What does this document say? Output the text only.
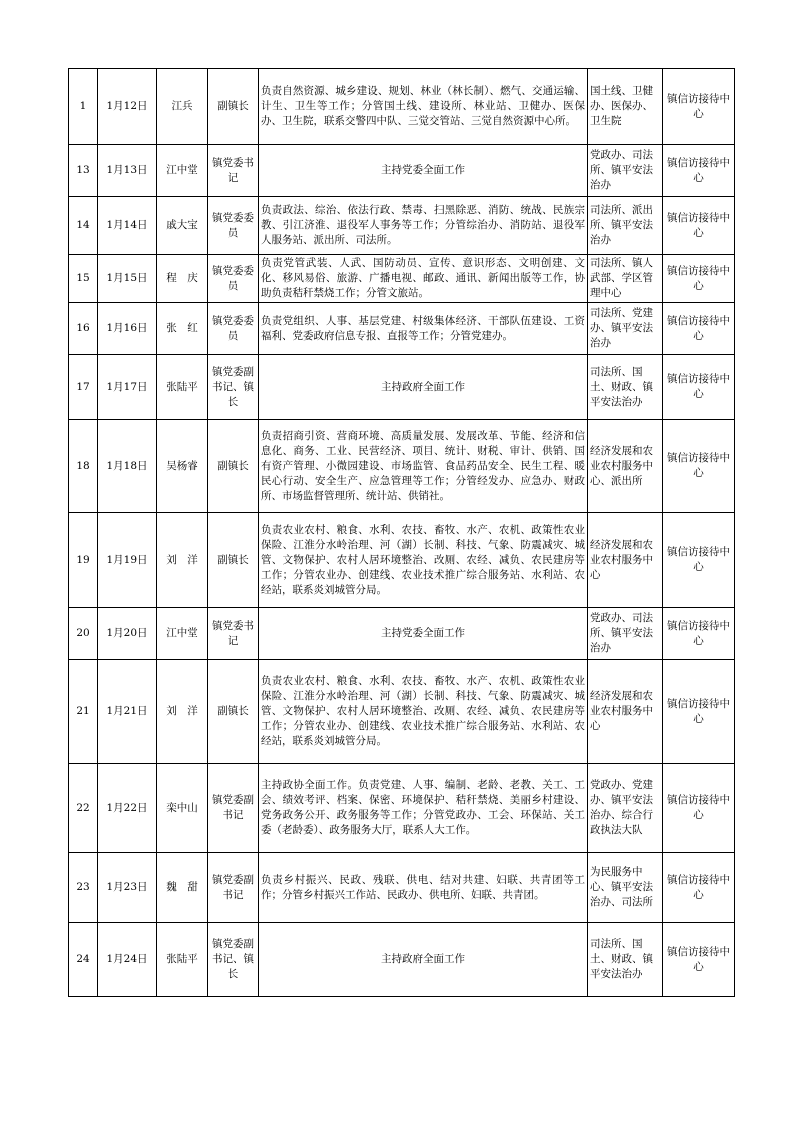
1	1月12日	江兵	副镇长	负责自然资源、城乡建设、规划、林业（林长制）、燃气、交通运输、计生、卫生等工作；分管国土线、建设所、林业站、卫健办、医保办、卫生院，联系交警四中队、三觉交管站、三觉自然资源中心所。	国土线、卫健办、医保办、卫生院	镇信访接待中心
13	1月13日	江中堂	镇党委书记	主持党委全面工作	党政办、司法所、镇平安法治办	镇信访接待中心
14	1月14日	戚大宝	镇党委委员	负责政法、综治、依法行政、禁毒、扫黑除恶、消防、统战、民族宗教、引江济淮、退役军人事务等工作；分管综治办、消防站、退役军人服务站、派出所、司法所。	司法所、派出所、镇平安法治办	镇信访接待中心
15	1月15日	程　庆	镇党委委员	负责党管武装、人武、国防动员、宣传、意识形态、文明创建、文化、移风易俗、旅游、广播电视、邮政、通讯、新闻出版等工作，协助负责秸秆禁烧工作；分管文旅站。	司法所、镇人武部、学区管理中心	镇信访接待中心
16	1月16日	张　红	镇党委委员	负责党组织、人事、基层党建、村级集体经济、干部队伍建设、工资福利、党委政府信息专报、直报等工作；分管党建办。	司法所、党建办、镇平安法治办	镇信访接待中心
17	1月17日	张陆平	镇党委副书记、镇长	主持政府全面工作	司法所、国土、财政、镇平安法治办	镇信访接待中心
18	1月18日	吴杨睿	副镇长	负责招商引资、营商环境、高质量发展、发展改革、节能、经济和信息化、商务、工业、民营经济、项目、统计、财税、审计、供销、国有资产管理、小微园建设、市场监管、食品药品安全、民生工程、暖民心行动、安全生产、应急管理等工作；分管经发办、应急办、财政所、市场监督管理所、统计站、供销社。	经济发展和农业农村服务中心、派出所	镇信访接待中心
19	1月19日	刘　洋	副镇长	负责农业农村、粮食、水利、农技、畜牧、水产、农机、政策性农业保险、江淮分水岭治理、河（湖）长制、科技、气象、防震减灾、城管、文物保护、农村人居环境整治、改厕、农经、减负、农民建房等工作；分管农业办、创建线、农业技术推广综合服务站、水利站、农经站，联系炎刘城管分局。	经济发展和农业农村服务中心	镇信访接待中心
20	1月20日	江中堂	镇党委书记	主持党委全面工作	党政办、司法所、镇平安法治办	镇信访接待中心
21	1月21日	刘　洋	副镇长	负责农业农村、粮食、水利、农技、畜牧、水产、农机、政策性农业保险、江淮分水岭治理、河（湖）长制、科技、气象、防震减灾、城管、文物保护、农村人居环境整治、改厕、农经、减负、农民建房等工作；分管农业办、创建线、农业技术推广综合服务站、水利站、农经站，联系炎刘城管分局。	经济发展和农业农村服务中心	镇信访接待中心
22	1月22日	栾中山	镇党委副书记	主持政协全面工作。负责党建、人事、编制、老龄、老教、关工、工会、绩效考评、档案、保密、环境保护、秸秆禁烧、美丽乡村建设、党务政务公开、政务服务等工作；分管党政办、工会、环保站、关工委（老龄委）、政务服务大厅，联系人大工作。	党政办、党建办、镇平安法治办、综合行政执法大队	镇信访接待中心
23	1月23日	魏　甜	镇党委副书记	负责乡村振兴、民政、残联、供电、结对共建、妇联、共青团等工作；分管乡村振兴工作站、民政办、供电所、妇联、共青团。	为民服务中心、镇平安法治办、司法所	镇信访接待中心
24	1月24日	张陆平	镇党委副书记、镇长	主持政府全面工作	司法所、国土、财政、镇平安法治办	镇信访接待中心
